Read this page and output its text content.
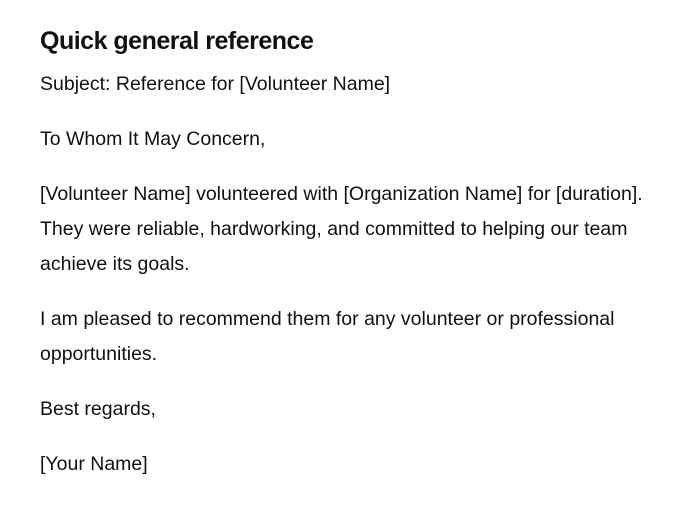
Quick general reference

Subject: Reference for [Volunteer Name]

To Whom It May Concern,

[Volunteer Name] volunteered with [Organization Name] for [duration]. They were reliable, hardworking, and committed to helping our team achieve its goals.

I am pleased to recommend them for any volunteer or professional opportunities.

Best regards,

[Your Name]
